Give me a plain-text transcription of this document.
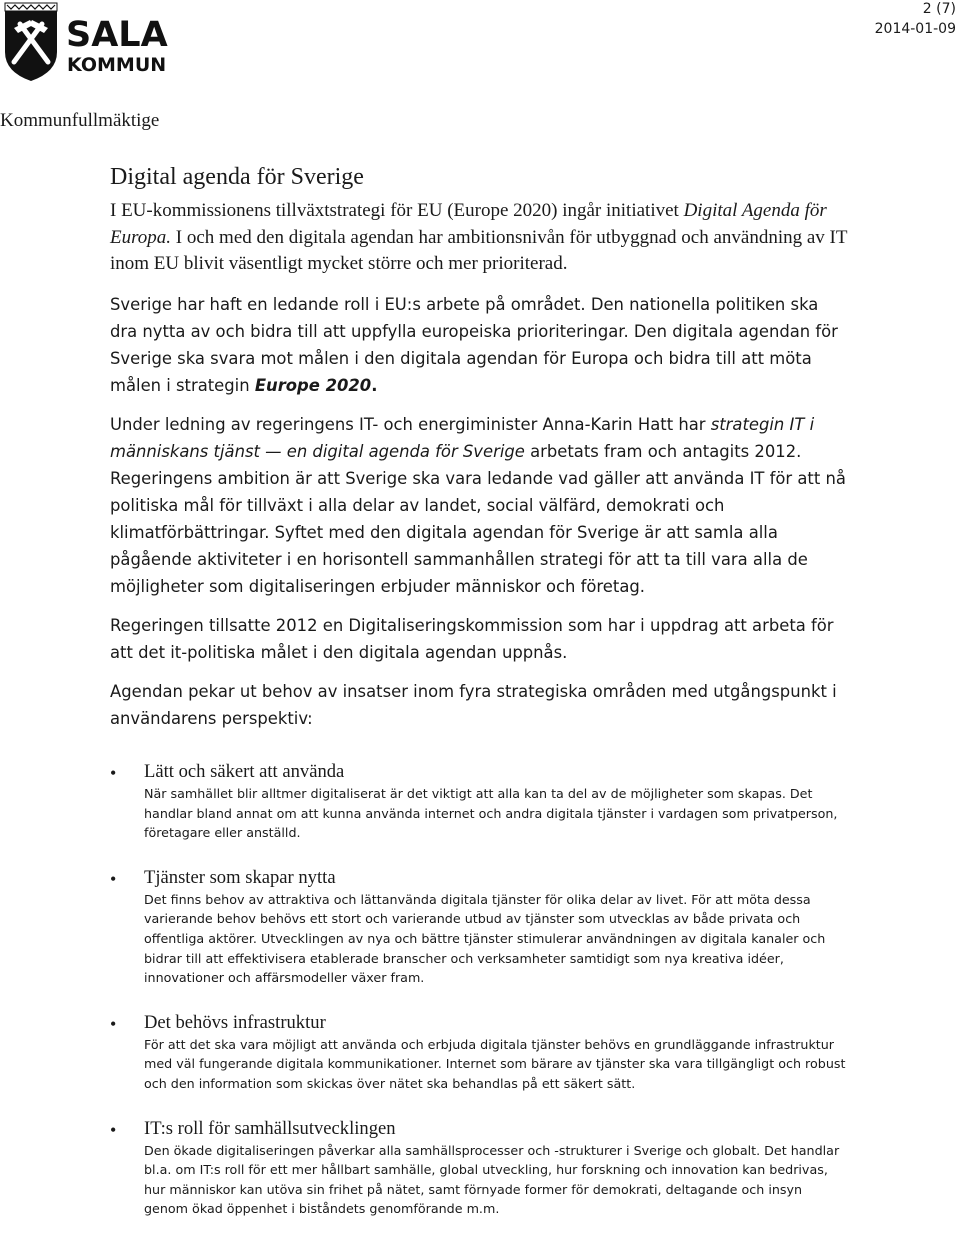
SALA
KOMMUN
2 (7)
2014-01-09
Kommunfullmäktige
Digital agenda för Sverige

I EU-kommissionens tillväxtstrategi för EU (Europe 2020) ingår initiativet Digital Agenda för Europa. I och med den digitala agendan har ambitionsnivån för utbyggnad och användning av IT inom EU blivit väsentligt mycket större och mer prioriterad.

Sverige har haft en ledande roll i EU:s arbete på området. Den nationella politiken ska dra nytta av och bidra till att uppfylla europeiska prioriteringar. Den digitala agendan för Sverige ska svara mot målen i den digitala agendan för Europa och bidra till att möta målen i strategin Europe 2020.

Under ledning av regeringens IT- och energiminister Anna-Karin Hatt har strategin IT i människans tjänst — en digital agenda för Sverige arbetats fram och antagits 2012. Regeringens ambition är att Sverige ska vara ledande vad gäller att använda IT för att nå politiska mål för tillväxt i alla delar av landet, social välfärd, demokrati och klimatförbättringar. Syftet med den digitala agendan för Sverige är att samla alla pågående aktiviteter i en horisontell sammanhållen strategi för att ta till vara alla de möjligheter som digitaliseringen erbjuder människor och företag.

Regeringen tillsatte 2012 en Digitaliseringskommission som har i uppdrag att arbeta för att det it-politiska målet i den digitala agendan uppnås.

Agendan pekar ut behov av insatser inom fyra strategiska områden med utgångspunkt i användarens perspektiv:

• Lätt och säkert att använda
När samhället blir alltmer digitaliserat är det viktigt att alla kan ta del av de möjligheter som skapas. Det handlar bland annat om att kunna använda internet och andra digitala tjänster i vardagen som privatperson, företagare eller anställd.
• Tjänster som skapar nytta
Det finns behov av attraktiva och lättanvända digitala tjänster för olika delar av livet. För att möta dessa varierande behov behövs ett stort och varierande utbud av tjänster som utvecklas av både privata och offentliga aktörer. Utvecklingen av nya och bättre tjänster stimulerar användningen av digitala kanaler och bidrar till att effektivisera etablerade branscher och verksamheter samtidigt som nya kreativa idéer, innovationer och affärsmodeller växer fram.
• Det behövs infrastruktur
För att det ska vara möjligt att använda och erbjuda digitala tjänster behövs en grundläggande infrastruktur med väl fungerande digitala kommunikationer. Internet som bärare av tjänster ska vara tillgängligt och robust och den information som skickas över nätet ska behandlas på ett säkert sätt.
• IT:s roll för samhällsutvecklingen
Den ökade digitaliseringen påverkar alla samhällsprocesser och -strukturer i Sverige och globalt. Det handlar bl.a. om IT:s roll för ett mer hållbart samhälle, global utveckling, hur forskning och innovation kan bedrivas, hur människor kan utöva sin frihet på nätet, samt förnyade former för demokrati, deltagande och insyn genom ökad öppenhet i biståndets genomförande m.m.
